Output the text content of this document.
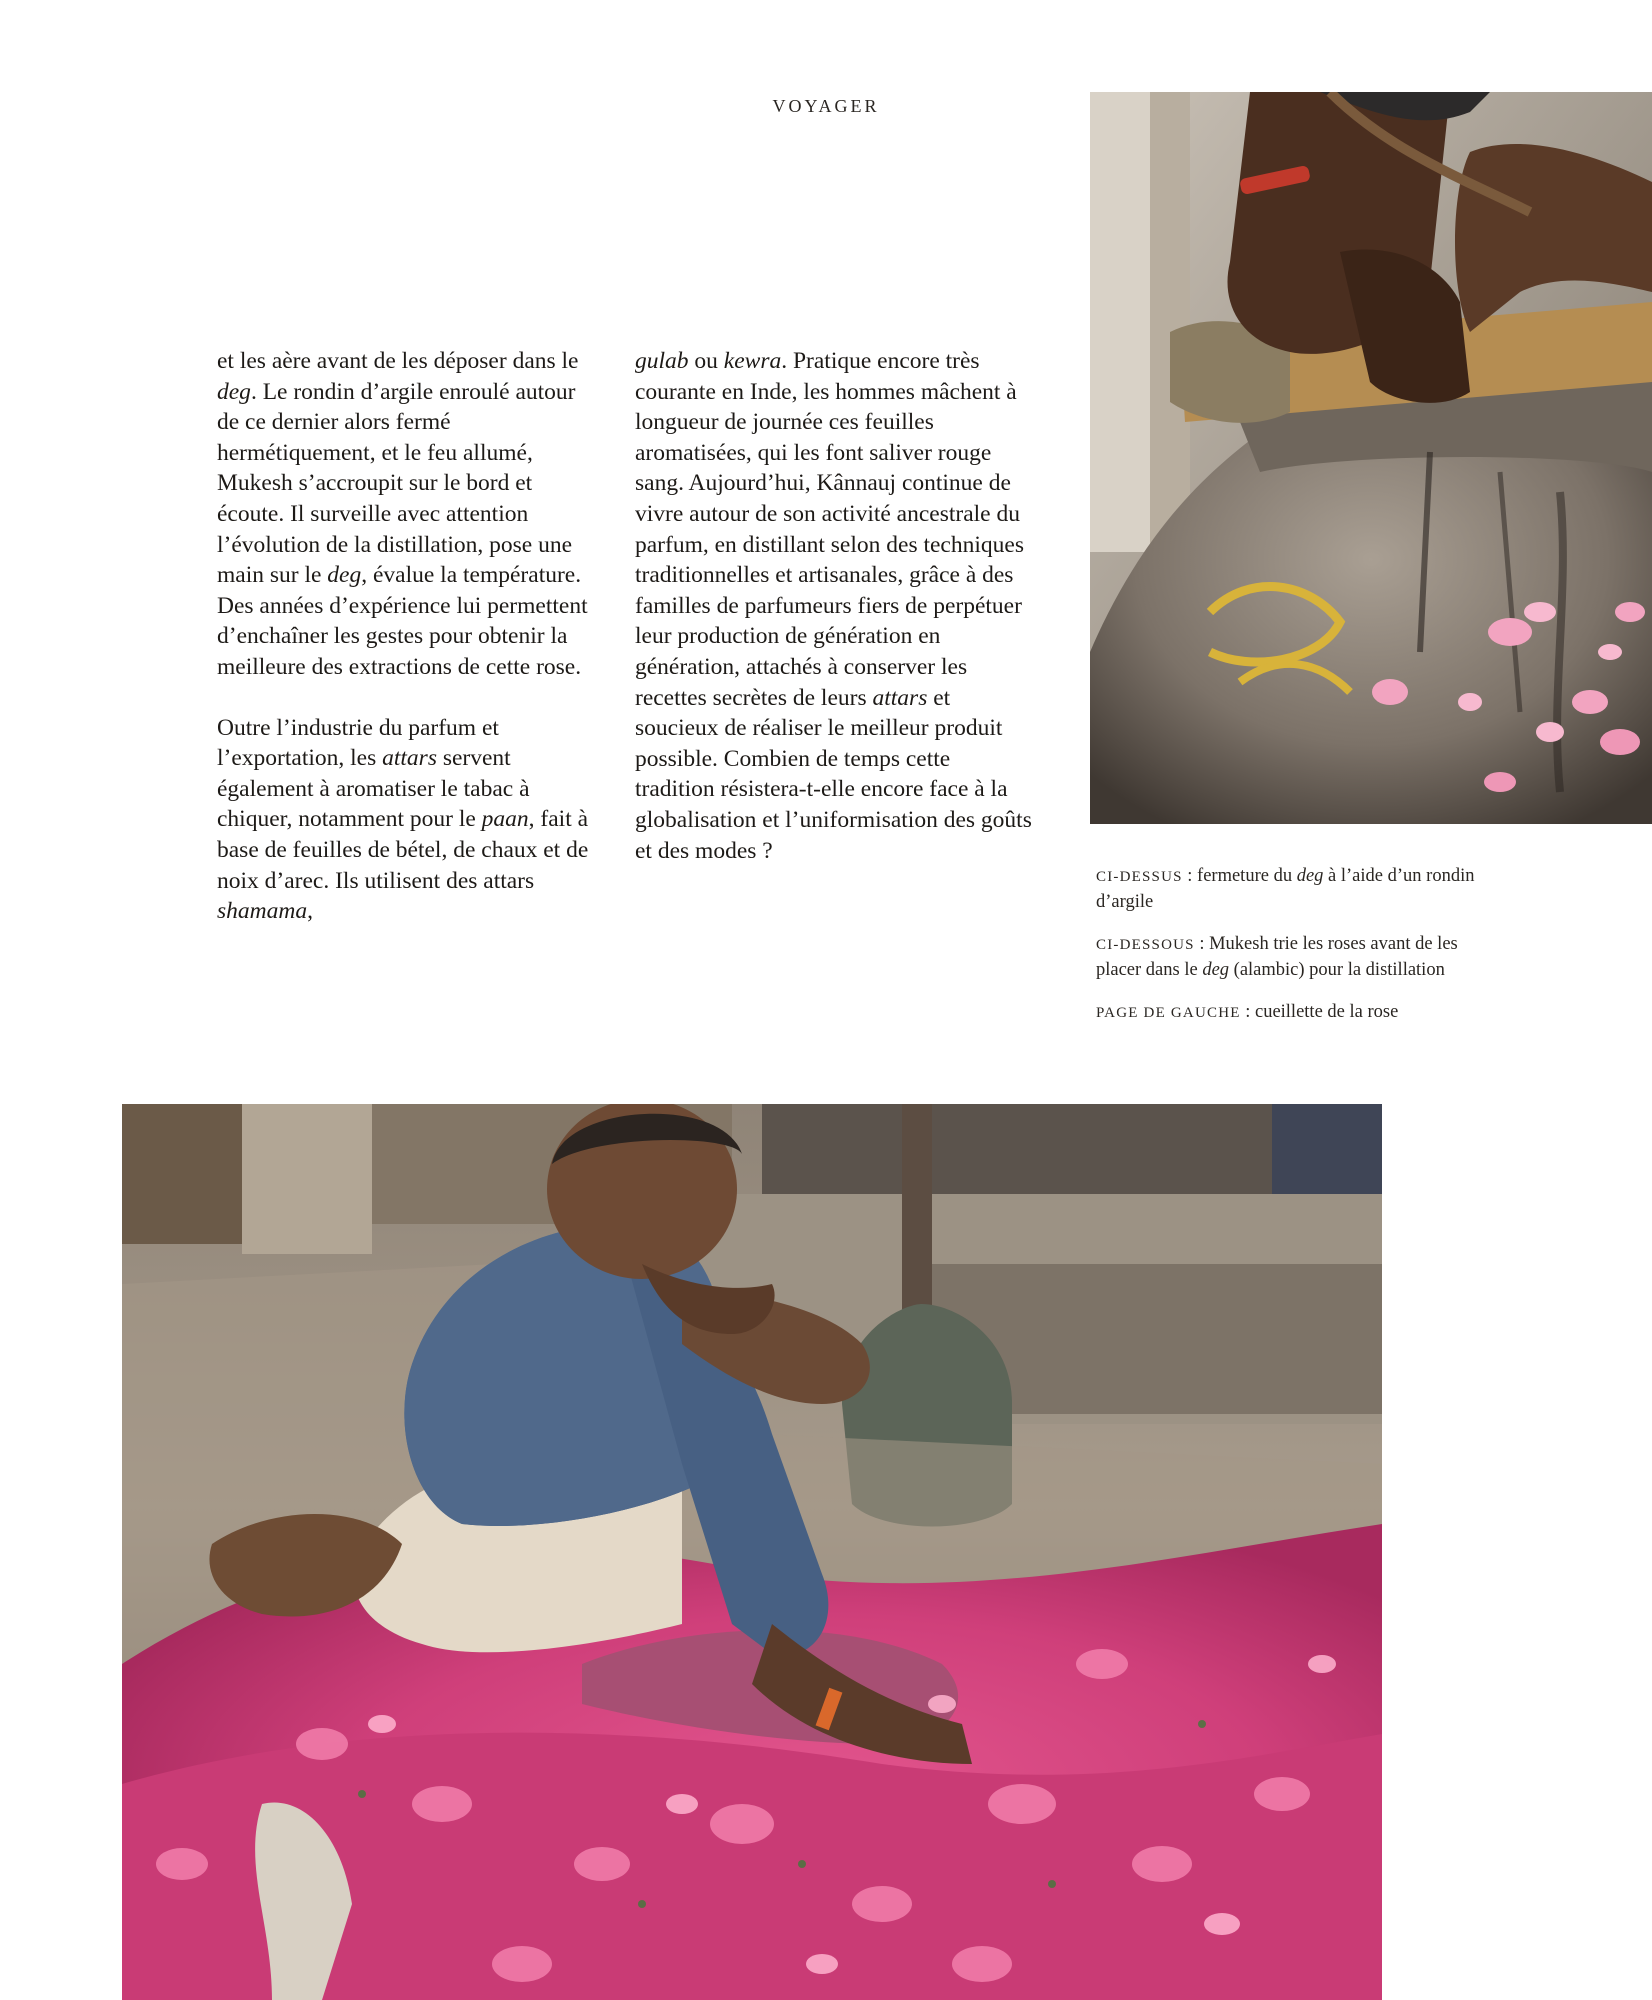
VOYAGER

et les aère avant de les déposer dans le deg. Le rondin d’argile enroulé autour de ce dernier alors fermé hermétiquement, et le feu allumé, Mukesh s’accroupit sur le bord et écoute. Il surveille avec attention l’évolution de la distillation, pose une main sur le deg, évalue la température. Des années d’expérience lui permettent d’enchaîner les gestes pour obtenir la meilleure des extractions de cette rose.

Outre l’industrie du parfum et l’exportation, les attars servent également à aromatiser le tabac à chiquer, notamment pour le paan, fait à base de feuilles de bétel, de chaux et de noix d’arec. Ils utilisent des attars shamama,

gulab ou kewra. Pratique encore très courante en Inde, les hommes mâchent à longueur de journée ces feuilles aromatisées, qui les font saliver rouge sang. Aujourd’hui, Kânnauj continue de vivre autour de son activité ancestrale du parfum, en distillant selon des techniques traditionnelles et artisanales, grâce à des familles de parfumeurs fiers de perpétuer leur production de génération en génération, attachés à conserver les recettes secrètes de leurs attars et soucieux de réaliser le meilleur produit possible. Combien de temps cette tradition résistera-t-elle encore face à la globalisation et l’uniformisation des goûts et des modes ?

CI-DESSUS : fermeture du deg à l’aide d’un rondin d’argile

CI-DESSOUS : Mukesh trie les roses avant de les placer dans le deg (alambic) pour la distillation

PAGE DE GAUCHE : cueillette de la rose
